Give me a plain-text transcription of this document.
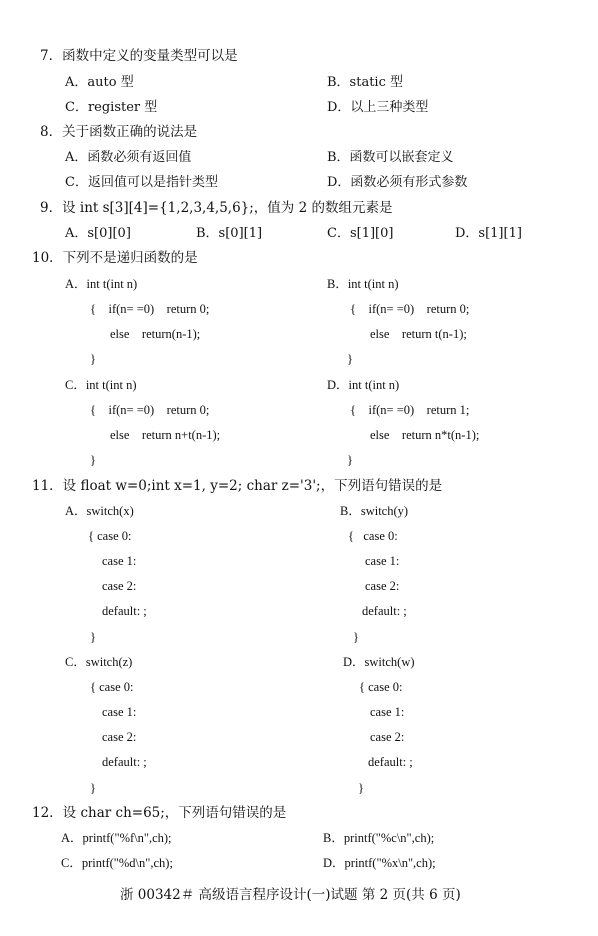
7．函数中定义的变量类型可以是
A．auto 型	B．static 型
C．register 型	D．以上三种类型
8．关于函数正确的说法是
A．函数必须有返回值	B．函数可以嵌套定义
C．返回值可以是指针类型	D．函数必须有形式参数
9．设 int s[3][4]={1,2,3,4,5,6};，值为 2 的数组元素是
A．s[0][0]	B．s[0][1]	C．s[1][0]	D．s[1][1]
10．下列不是递归函数的是
A．int t(int n)
{    if(n= =0)    return 0;
else    return(n-1);
}
B．int t(int n)
{    if(n= =0)    return 0;
else    return t(n-1);
}
C．int t(int n)
{    if(n= =0)    return 0;
else    return n+t(n-1);
}
D．int t(int n)
{    if(n= =0)    return 1;
else    return n*t(n-1);
}
11．设 float w=0;int x=1, y=2; char z='3';，下列语句错误的是
A．switch(x)
{ case 0:
case 1:
case 2:
default: ;
}
B．switch(y)
{   case 0:
case 1:
case 2:
default: ;
}
C．switch(z)
{ case 0:
case 1:
case 2:
default: ;
}
D．switch(w)
{ case 0:
case 1:
case 2:
default: ;
}
12．设 char ch=65;，下列语句错误的是
A．printf("%f\n",ch);	B．printf("%c\n",ch);
C．printf("%d\n",ch);	D．printf("%x\n",ch);
浙 00342＃ 高级语言程序设计(一)试题 第 2 页(共 6 页)
